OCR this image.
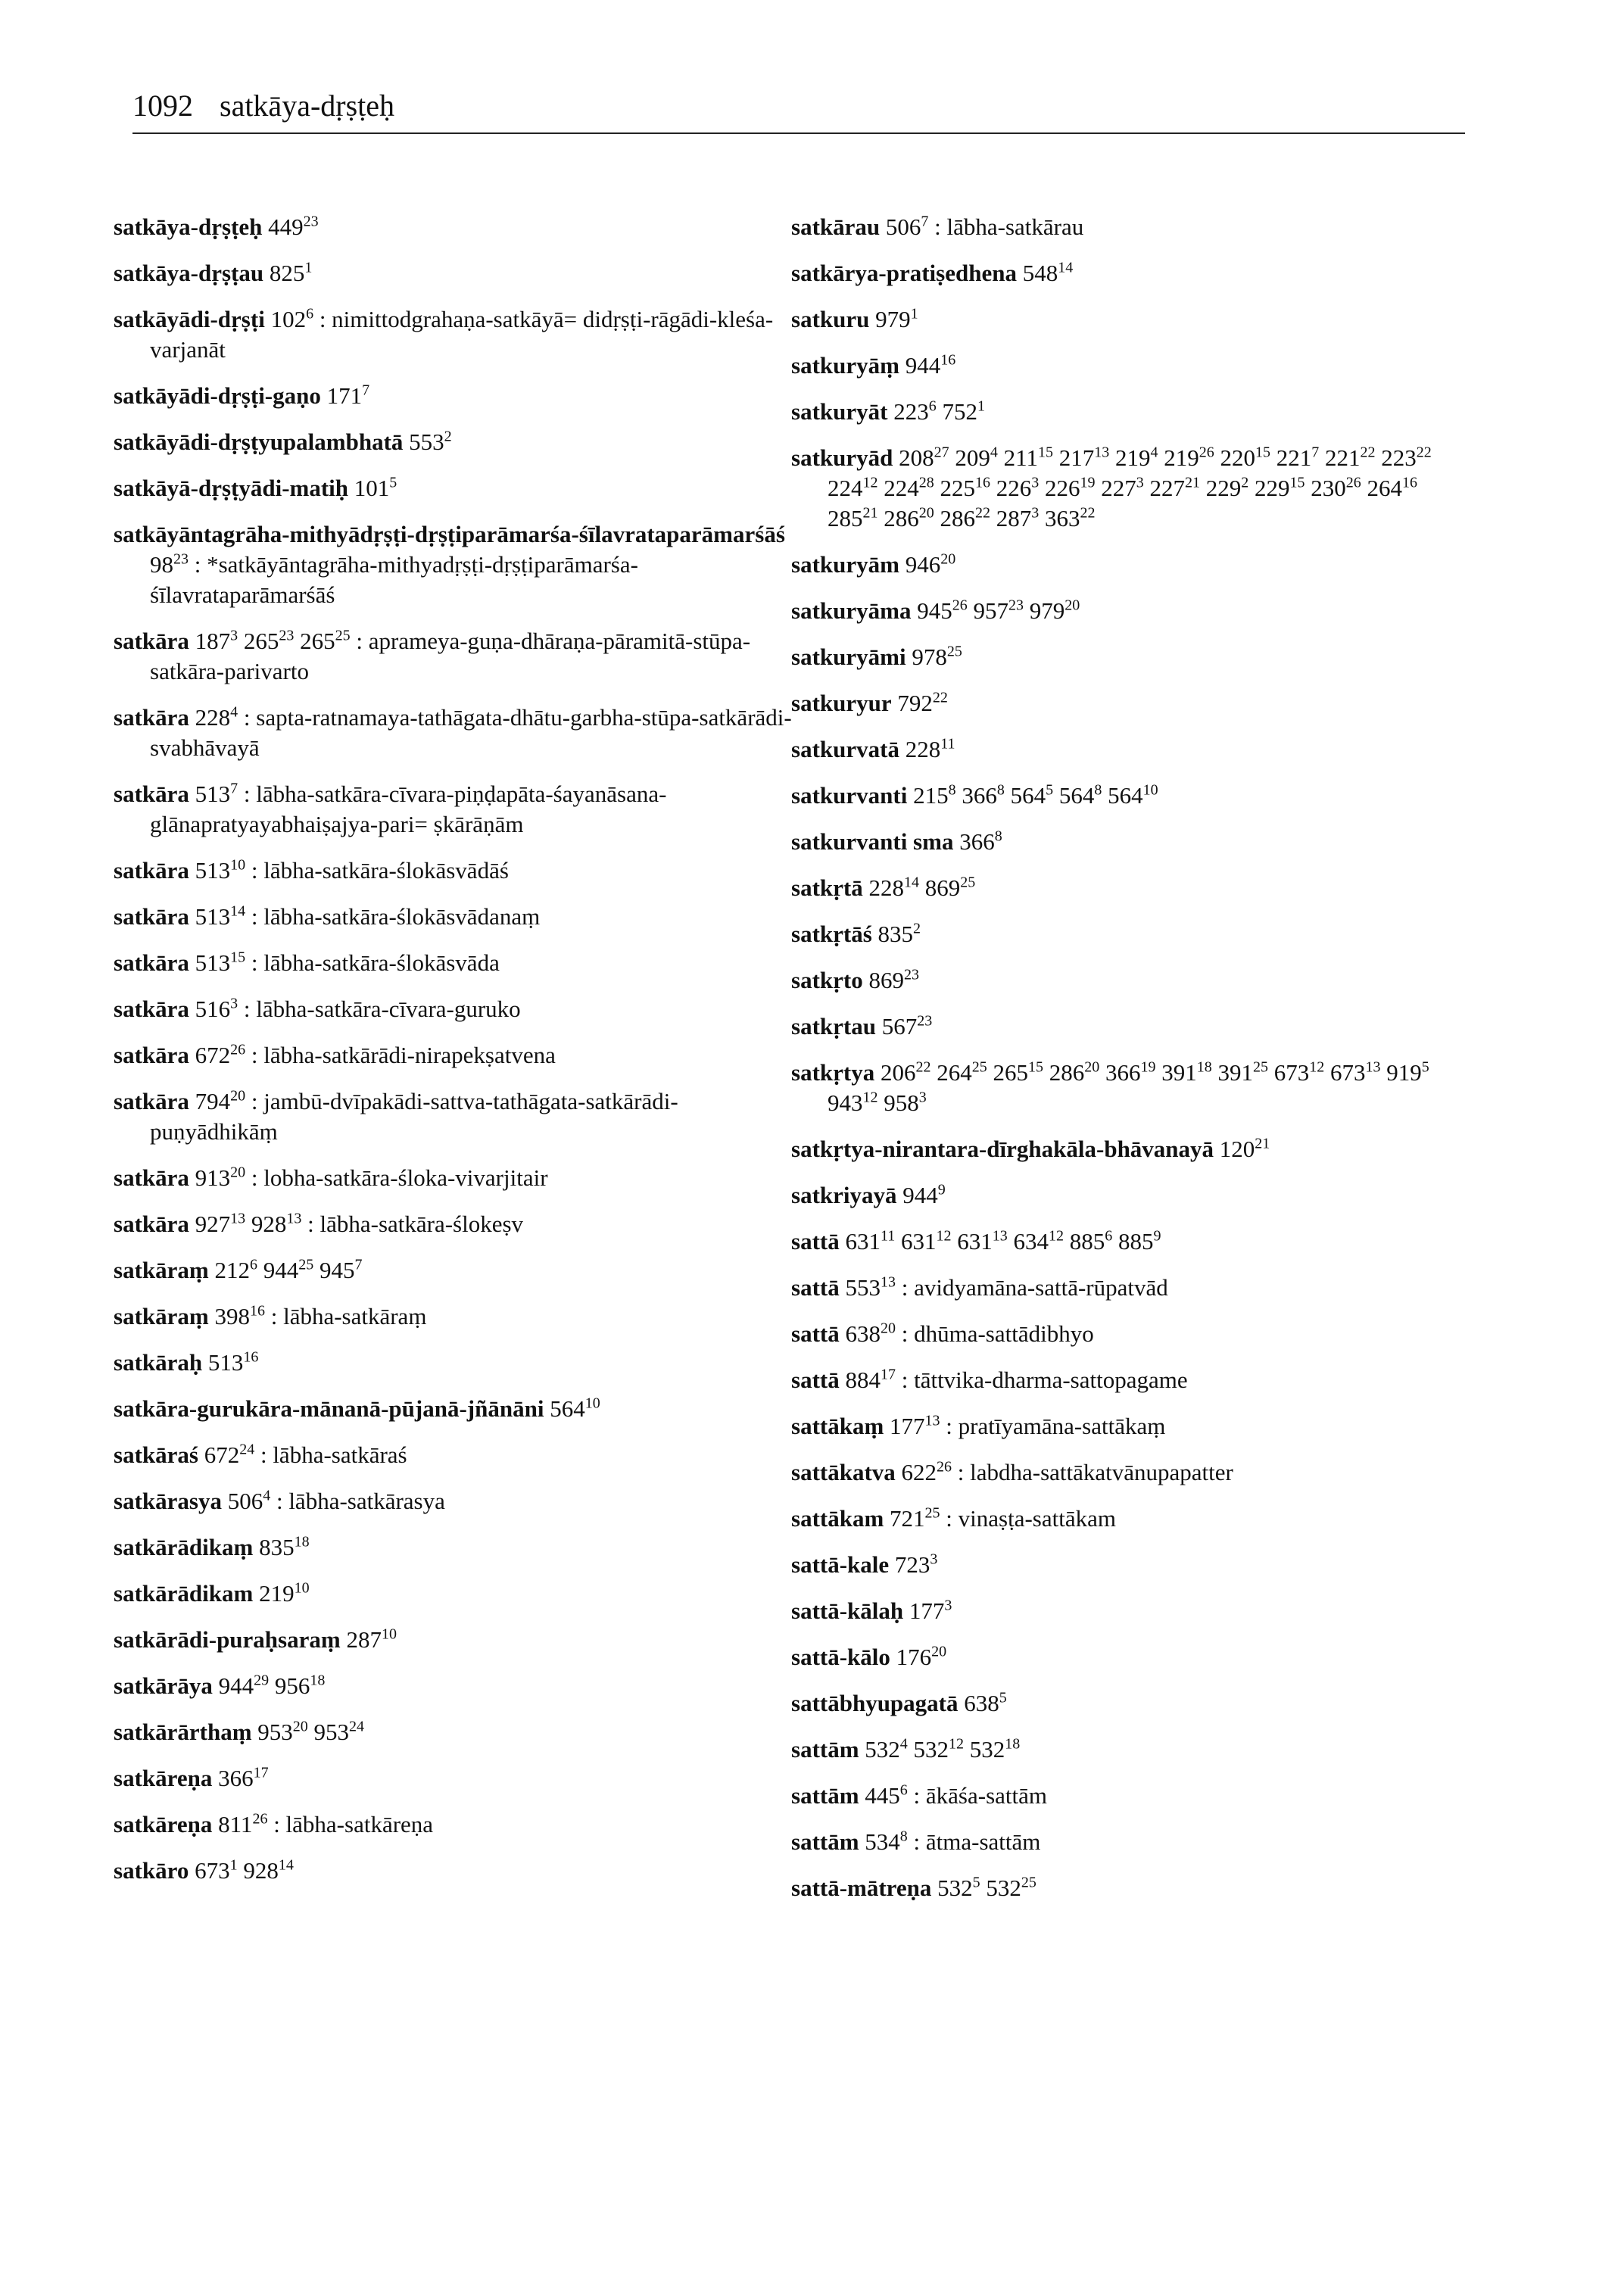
1092 satkāya-dṛṣṭeḥ
satkāya-dṛṣṭeḥ $449^{23}$
satkāya-dṛṣṭau $825^1$
satkāyādi-dṛṣṭi $102^6$ : nimittodgrahaṇa-satkāyā= didṛṣṭi-rāgādi-kleśa-varjanāt
satkāyādi-dṛṣṭi-gaṇo $171^7$
satkāyādi-dṛṣṭyupalambhatā $553^2$
satkāyā-dṛṣṭyādi-matiḥ $101^5$
satkāyāntagrāha-mithyādṛṣṭi-dṛṣṭiparāmarśa-śīlavrataparāmarśāś $98^{23}$ : *satkāyāntagrāha-mithyadṛṣṭi-dṛṣṭiparāmarśa-śīlavrataparāmarśāś
satkāra $187^3$ $265^{23}$ $265^{25}$ : aprameya-guṇa-dhāraṇa-pāramitā-stūpa-satkāra-parivarto
satkāra $228^4$ : sapta-ratnamaya-tathāgata-dhātu-garbha-stūpa-satkārādi-svabhāvayā
satkāra $513^7$ : lābha-satkāra-cīvara-piṇḍapāta-śayanāsana-glānapratyayabhaiṣajya-pari= ṣkārāṇām
satkāra $513^{10}$ : lābha-satkāra-ślokāsvādāś
satkāra $513^{14}$ : lābha-satkāra-ślokāsvādanaṃ
satkāra $513^{15}$ : lābha-satkāra-ślokāsvāda
satkāra $516^3$ : lābha-satkāra-cīvara-guruko
satkāra $672^{26}$ : lābha-satkārādi-nirapekṣatvena
satkāra $794^{20}$ : jambū-dvīpakādi-sattva-tathāgata-satkārādi-puṇyādhikāṃ
satkāra $913^{20}$ : lobha-satkāra-śloka-vivarjitair
satkāra $927^{13}$ $928^{13}$ : lābha-satkāra-ślokeṣv
satkāraṃ $212^6$ $944^{25}$ $945^7$
satkāraṃ $398^{16}$ : lābha-satkāraṃ
satkāraḥ $513^{16}$
satkāra-gurukāra-mānanā-pūjanā-jñānāni $564^{10}$
satkāraś $672^{24}$ : lābha-satkāraś
satkārasya $506^4$ : lābha-satkārasya
satkārādikaṃ $835^{18}$
satkārādikam $219^{10}$
satkārādi-puraḥsaraṃ $287^{10}$
satkārāya $944^{29}$ $956^{18}$
satkārārthaṃ $953^{20}$ $953^{24}$
satkāreṇa $366^{17}$
satkāreṇa $811^{26}$ : lābha-satkāreṇa
satkāro $673^1$ $928^{14}$
satkārau $506^7$ : lābha-satkārau
satkārya-pratiṣedhena $548^{14}$
satkuru $979^1$
satkuryāṃ $944^{16}$
satkuryāt $223^6$ $752^1$
satkuryād $208^{27}$ $209^4$ $211^{15}$ $217^{13}$ $219^4$ $219^{26}$ $220^{15}$ $221^7$ $221^{22}$ $223^{22}$ $224^{12}$ $224^{28}$ $225^{16}$ $226^3$ $226^{19}$ $227^3$ $227^{21}$ $229^2$ $229^{15}$ $230^{26}$ $264^{16}$ $285^{21}$ $286^{20}$ $286^{22}$ $287^3$ $363^{22}$
satkuryām $946^{20}$
satkuryāma $945^{26}$ $957^{23}$ $979^{20}$
satkuryāmi $978^{25}$
satkuryur $792^{22}$
satkurvatā $228^{11}$
satkurvanti $215^8$ $366^8$ $564^5$ $564^8$ $564^{10}$
satkurvanti sma $366^8$
satkṛtā $228^{14}$ $869^{25}$
satkṛtāś $835^2$
satkṛto $869^{23}$
satkṛtau $567^{23}$
satkṛtya $206^{22}$ $264^{25}$ $265^{15}$ $286^{20}$ $366^{19}$ $391^{18}$ $391^{25}$ $673^{12}$ $673^{13}$ $919^5$ $943^{12}$ $958^3$
satkṛtya-nirantara-dīrghakāla-bhāvanayā $120^{21}$
satkriyayā $944^9$
sattā $631^{11}$ $631^{12}$ $631^{13}$ $634^{12}$ $885^6$ $885^9$
sattā $553^{13}$ : avidyamāna-sattā-rūpatvād
sattā $638^{20}$ : dhūma-sattādibhyo
sattā $884^{17}$ : tāttvika-dharma-sattopagame
sattākaṃ $177^{13}$ : pratīyamāna-sattākaṃ
sattākatva $622^{26}$ : labdha-sattākatvānupapatter
sattākam $721^{25}$ : vinaṣṭa-sattākam
sattā-kale $723^3$
sattā-kālaḥ $177^3$
sattā-kālo $176^{20}$
sattābhyupagatā $638^5$
sattām $532^4$ $532^{12}$ $532^{18}$
sattām $445^6$ : ākāśa-sattām
sattām $534^8$ : ātma-sattām
sattā-mātreṇa $532^5$ $532^{25}$
